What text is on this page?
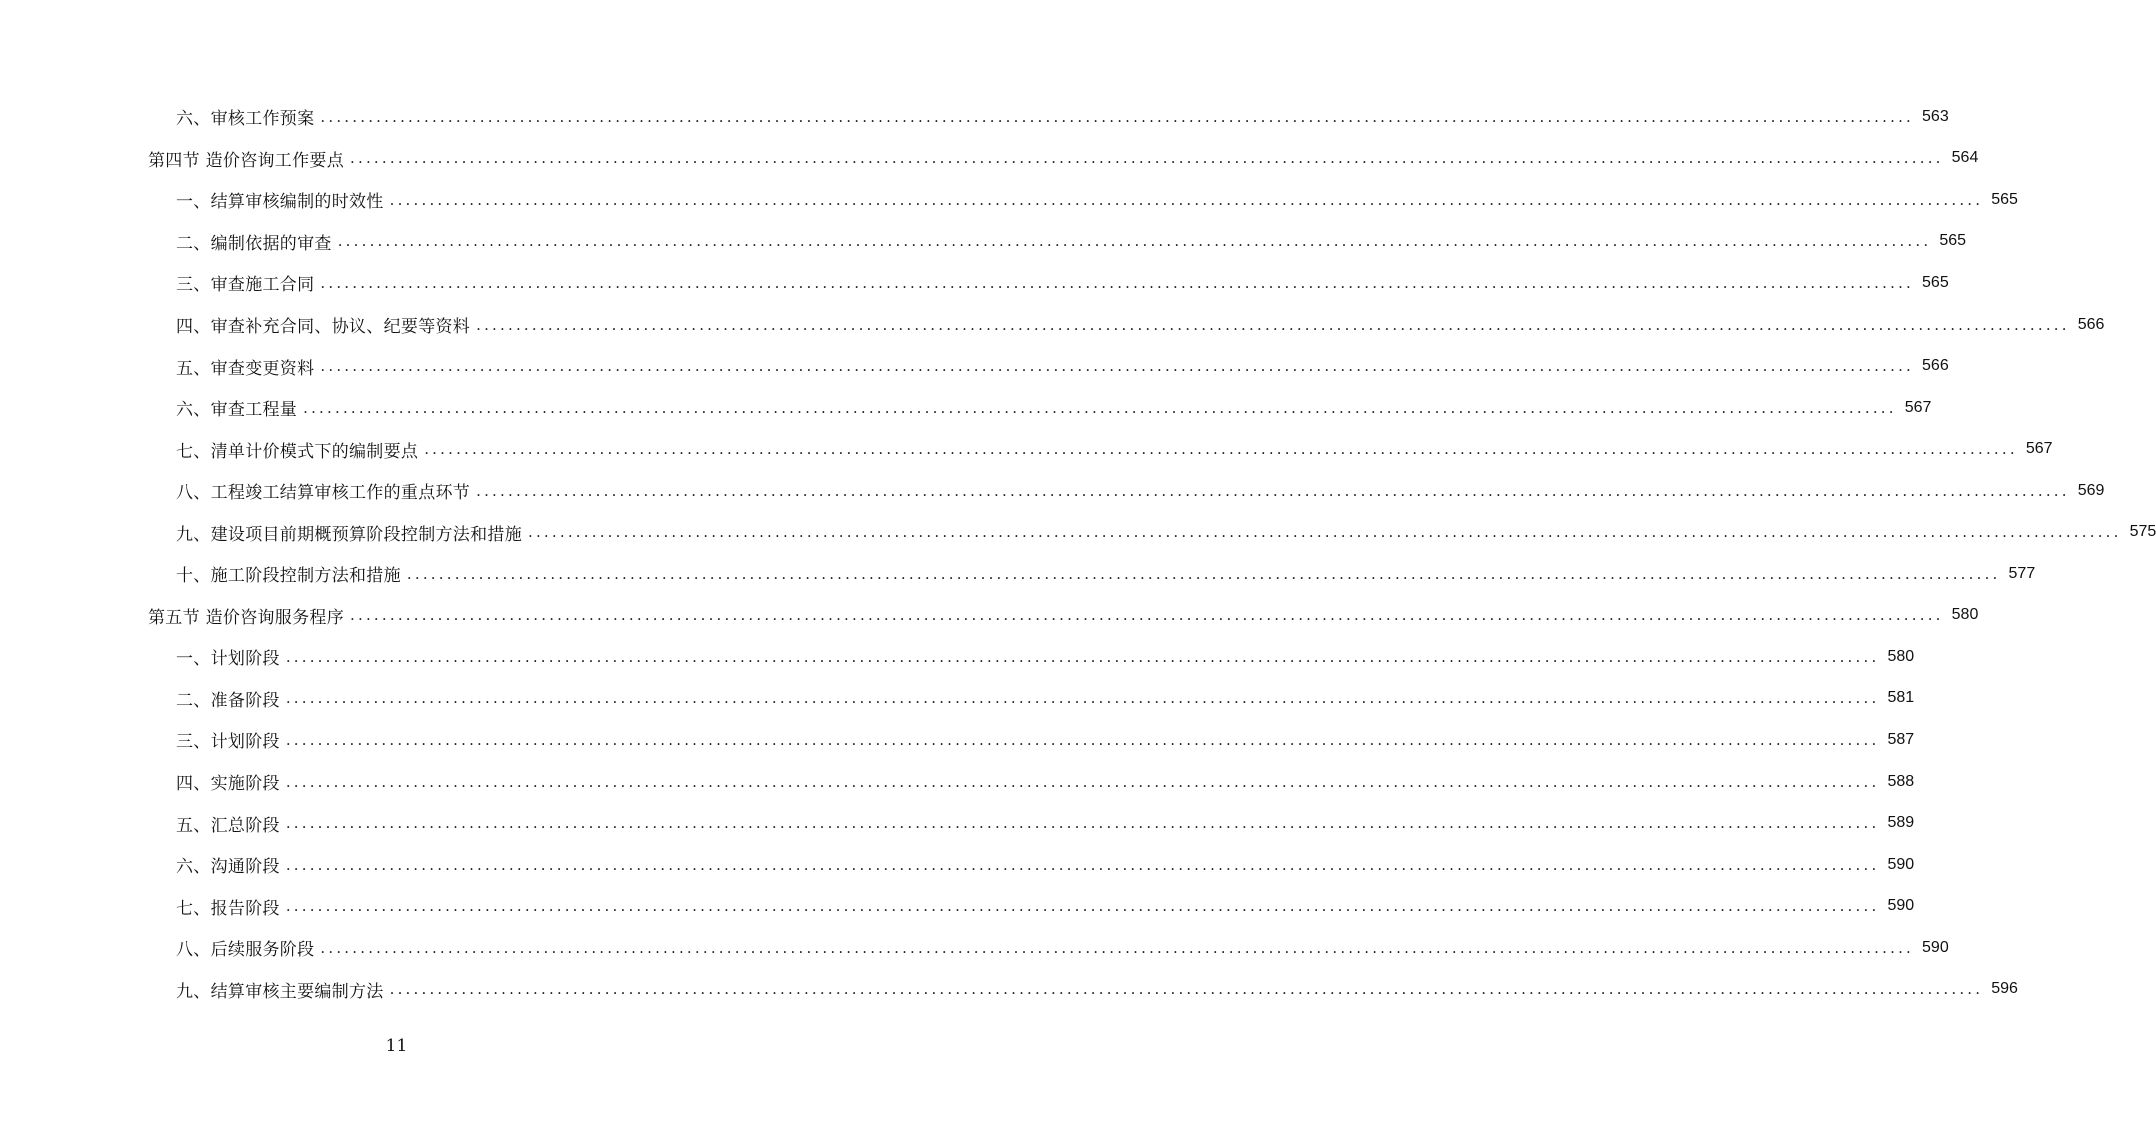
六、审核工作预案 ........................................................................................................................................................................................................ 563
第四节 造价咨询工作要点 ........................................................................................................................................................................................................ 564
一、结算审核编制的时效性 ........................................................................................................................................................................................................ 565
二、编制依据的审查 ........................................................................................................................................................................................................ 565
三、审查施工合同 ........................................................................................................................................................................................................ 565
四、审查补充合同、协议、纪要等资料 ........................................................................................................................................................................................................ 566
五、审查变更资料 ........................................................................................................................................................................................................ 566
六、审查工程量 ........................................................................................................................................................................................................ 567
七、清单计价模式下的编制要点 ........................................................................................................................................................................................................ 567
八、工程竣工结算审核工作的重点环节 ........................................................................................................................................................................................................ 569
九、建设项目前期概预算阶段控制方法和措施 ........................................................................................................................................................................................................ 575
十、施工阶段控制方法和措施 ........................................................................................................................................................................................................ 577
第五节 造价咨询服务程序 ........................................................................................................................................................................................................ 580
一、计划阶段 ........................................................................................................................................................................................................ 580
二、准备阶段 ........................................................................................................................................................................................................ 581
三、计划阶段 ........................................................................................................................................................................................................ 587
四、实施阶段 ........................................................................................................................................................................................................ 588
五、汇总阶段 ........................................................................................................................................................................................................ 589
六、沟通阶段 ........................................................................................................................................................................................................ 590
七、报告阶段 ........................................................................................................................................................................................................ 590
八、后续服务阶段 ........................................................................................................................................................................................................ 590
九、结算审核主要编制方法 ........................................................................................................................................................................................................ 596
11
